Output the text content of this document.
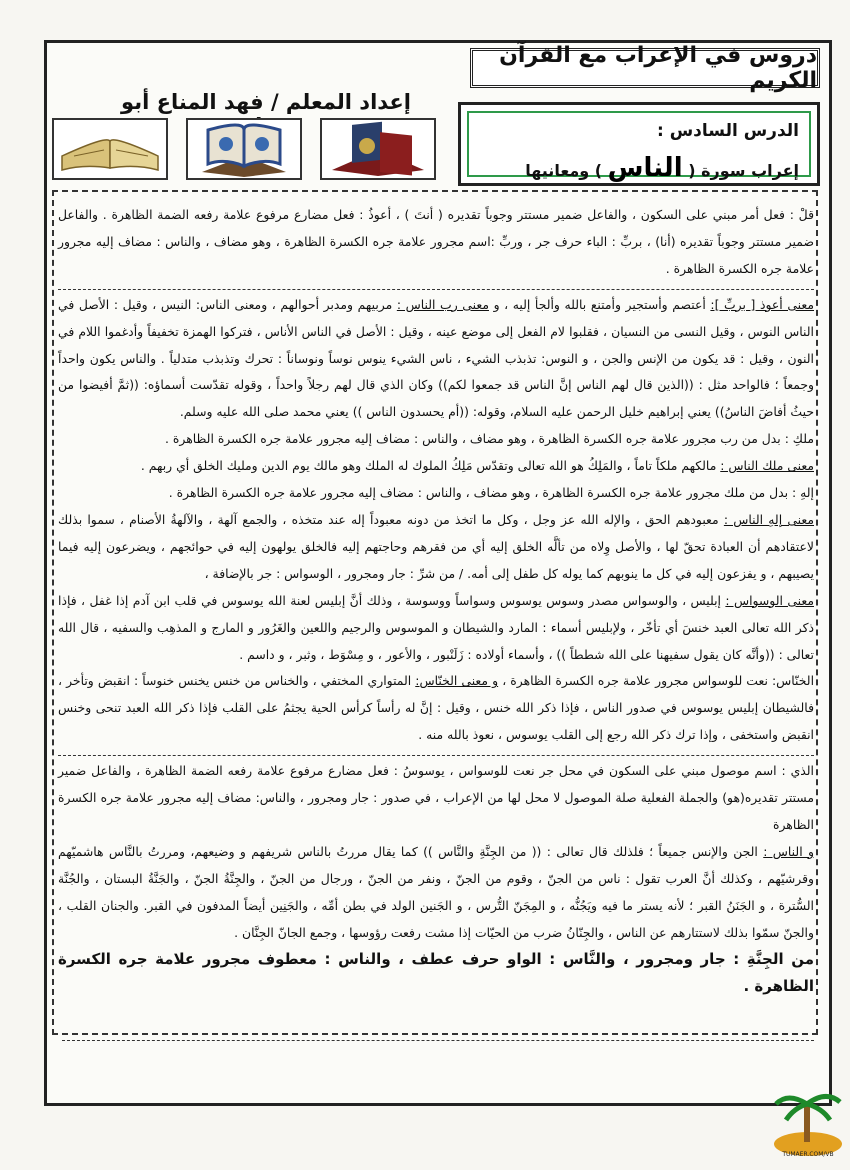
دروس في الإعراب مع القرآن الكريم
إعداد المعلم / فهد المناع أبو
الدرس السادس :
إعراب سورة ( الناس ) ومعانيها

قلْ : فعل أمر مبني على السكون ، والفاعل ضمير مستتر وجوباً تقديره ( أنتَ ) ، أعوذُ : فعل مضارع مرفوع علامة رفعه الضمة الظاهرة . والفاعل ضمير مستتر وجوباً تقديره (أنا) ، بربِّ : الباء حرف جر ، وربِّ :اسم مجرور علامة جره الكسرة الظاهرة ، وهو مضاف ، والناس : مضاف إليه مجرور علامة جره الكسرة الظاهرة .

معنى أعوذ [ بربِّ ]: أعتصم وأستجير وأمتنع بالله وألجأ إليه ، و معنى رب الناس : مربيهم ومدبر أحوالهم ، ومعنى الناس: النيس ، وقيل : الأصل في الناس النوس ، وقيل النسى من النسيان ، فقلبوا لام الفعل إلى موضع عينه ، وقيل : الأصل في الناس الأناس ، فتركوا الهمزة تخفيفاً وأدغموا اللام في النون ، وقيل : قد يكون من الإنس والجن ، و النوس: تذبذب الشيء ، ناس الشيء ينوس نوساً ونوساناً : تحرك وتذبذب متدلياً . والناس يكون واحداً وجمعاً ؛ فالواحد مثل : ((الذين قال لهم الناس إنَّ الناس قد جمعوا لكم)) وكان الذي قال لهم رجلاً واحداً ، وقوله تقدّست أسماؤه: ((ثمَّ أفيضوا من حيثُ أفاضَ الناسُ)) يعني إبراهيم خليل الرحمن عليه السلام، وقوله: ((أم يحسدون الناس )) يعني محمد صلى الله عليه وسلم.

ملكِ : بدل من رب مجرور علامة جره الكسرة الظاهرة ، وهو مضاف ، والناس : مضاف إليه مجرور علامة جره الكسرة الظاهرة .

معنى ملك الناس : مالكهم ملكاً تاماً ، والمَلِكُ هو الله تعالى وتقدّس مَلِكُ الملوك له الملك وهو مالك يوم الدين ومليك الخلق أي ربهم .

إلهِ : بدل من ملك مجرور علامة جره الكسرة الظاهرة ، وهو مضاف ، والناس : مضاف إليه مجرور علامة جره الكسرة الظاهرة .

معنى إلهِ الناس : معبودهم الحق ، والإله الله عز وجل ، وكل ما اتخذ من دونه معبوداً إله عند متخذه ، والجمع آلهة ، والآلهةُ الأصنام ، سموا بذلك لاعتقادهم أن العبادة تحقّ لها ، والأصل وِلاه من تألَّه الخلق إليه أي من فقرهم وحاجتهم إليه فالخلق يولهون إليه في حوائجهم ، ويضرعون إليه فيما يصيبهم ، و يفزعون إليه في كل ما ينوبهم كما يوله كل طفل إلى أمه. / من شرِّ : جار ومجرور ، الوسواس : جر بالإضافة ،

معنى الوسواس : إبليس ، والوسواس مصدر وسوس يوسوس وسواساً ووسوسة ، وذلك أنَّ إبليس لعنة الله يوسوس في قلب ابن آدم إذا غفل ، فإذا ذكر الله تعالى العبد خنسَ أي تأخّر ، ولإبليس أسماء : المارد والشيطان و الموسوس والرجيم واللعين والغَرُور و المارج و المذهِب والسفيه ، قال الله تعالى : ((وأنَّه كان يقول سفيهنا على الله شططاً )) ، وأسماء أولاده : زَلَنْبور ، والأعور ، و مِسْوَط ، وثبر ، و داسم .

الخنّاس: نعت للوسواس مجرور علامة جره الكسرة الظاهرة ، و معنى الخنّاس: المتواري المختفي ، والخناس من خنس يخنس خنوساً : انقبض وتأخر ، فالشيطان إبليس يوسوس في صدور الناس ، فإذا ذكر الله خنس ، وقيل : إنَّ له رأساً كرأس الحية يجثمُ على القلب فإذا ذكر الله العبد تنحى وخنس انقبض واستخفى ، وإذا ترك ذكر الله رجع إلى القلب يوسوس ، نعوذ بالله منه .

الذي : اسم موصول مبني على السكون في محل جر نعت للوسواس ، يوسوسُ : فعل مضارع مرفوع علامة رفعه الضمة الظاهرة ، والفاعل ضمير مستتر تقديره(هو) والجملة الفعلية صلة الموصول لا محل لها من الإعراب ، في صدور : جار ومجرور ، والناس: مضاف إليه مجرور علامة جره الكسرة الظاهرة

و الناس : الجن والإنس جميعاً ؛ فلذلك قال تعالى : (( من الجِنَّةِ والنَّاس )) كما يقال مررتُ بالناس شريفهم و وضيعهم، ومررتُ بالنَّاس هاشميّهم وقرشيّهم ، وكذلك أنَّ العرب تقول : ناس من الجنّ ، وقوم من الجنّ ، ونفر من الجنّ ، ورجال من الجنّ ، والجِنَّةُ الجنّ ، والجَنَّةُ البستان ، والجُنَّة السُّترة ، و الجَنَنُ القبر ؛ لأنه يستر ما فيه ويَجُنُّه ، و المِجَنّ التُّرس ، و الجَنين الولد في بطن أمِّه ، والجَنِين أيضاً المدفون في القبر. والجنان القلب ، والجنّ سمّوا بذلك لاستتارهم عن الناس ، والجِنّانُ ضرب من الحيّات إذا مشت رفعت رؤوسها ، وجمع الجانّ الجِنَّان .

من الجِنَّةِ : جار ومجرور ، والنَّاس : الواو حرف عطف ، والناس : معطوف مجرور علامة جره الكسرة الظاهرة .

TUMAER.COM/VB
